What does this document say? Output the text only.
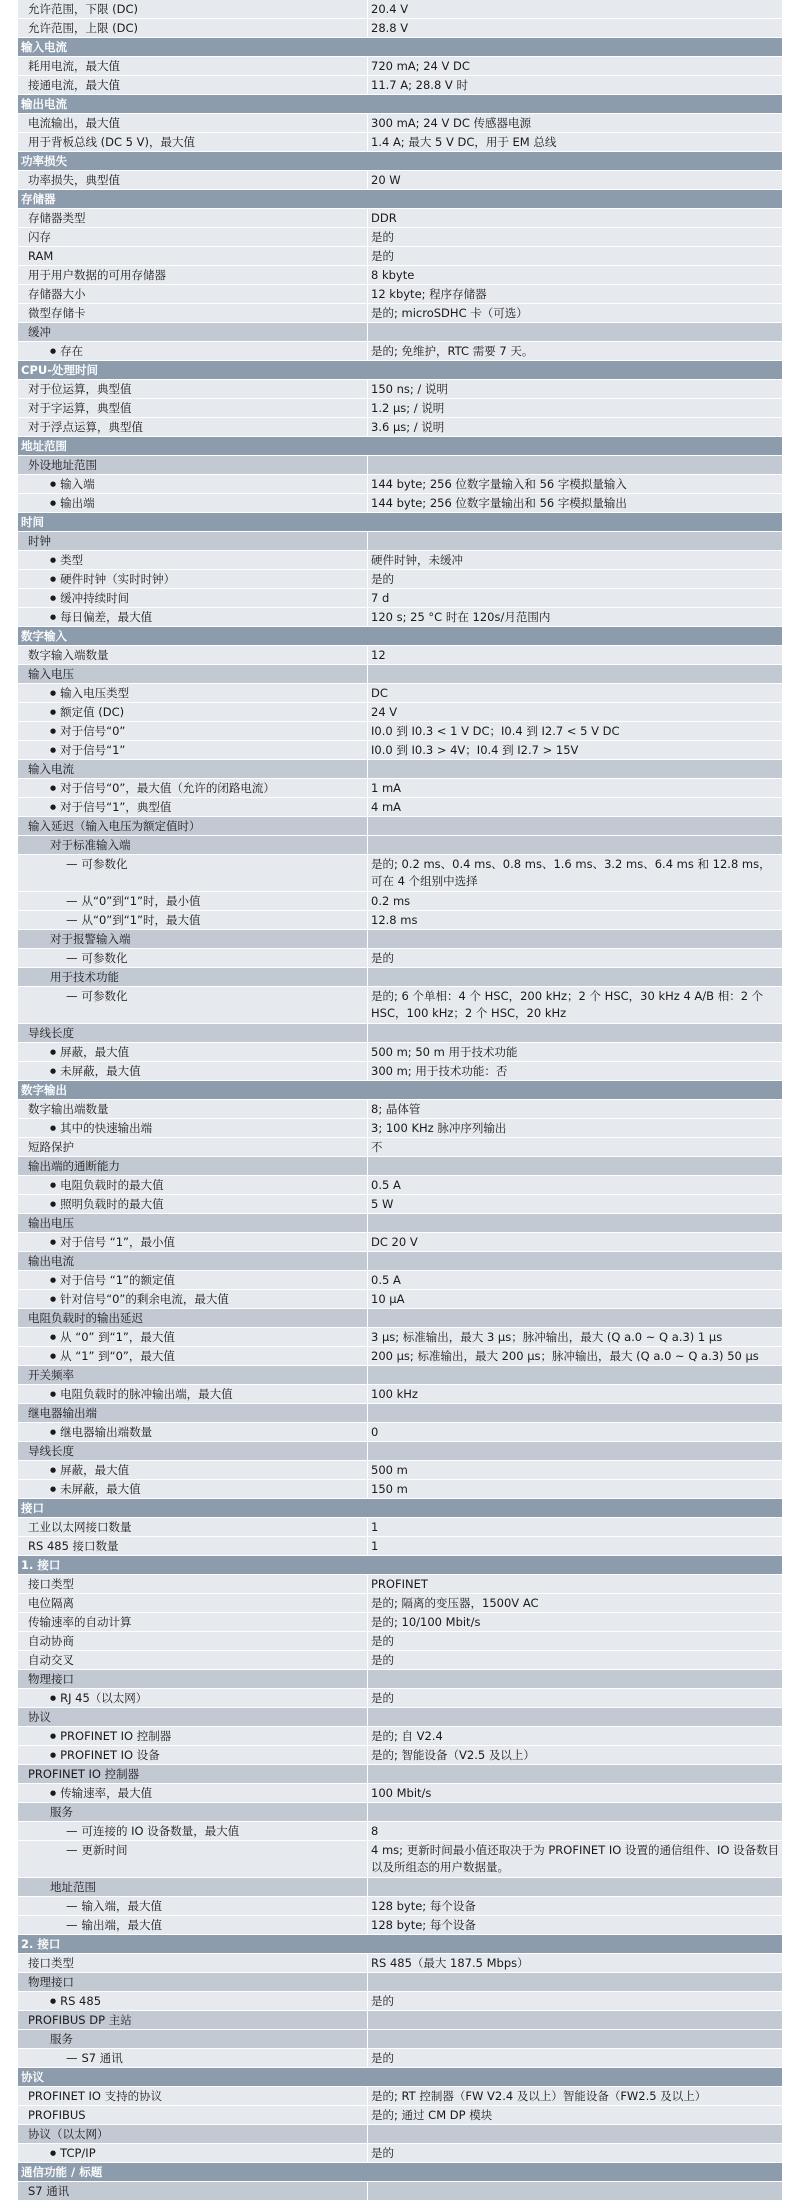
允许范围，下限 (DC)	20.4 V
允许范围，上限 (DC)	28.8 V
输入电流
耗用电流，最大值	720 mA; 24 V DC
接通电流，最大值	11.7 A; 28.8 V 时
输出电流
电流输出，最大值	300 mA; 24 V DC 传感器电源
用于背板总线 (DC 5 V)，最大值	1.4 A; 最大 5 V DC，用于 EM 总线
功率损失
功率损失，典型值	20 W
存储器
存储器类型	DDR
闪存	是的
RAM	是的
用于用户数据的可用存储器	8 kbyte
存储器大小	12 kbyte; 程序存储器
微型存储卡	是的; microSDHC 卡（可选）
缓冲
● 存在	是的; 免维护，RTC 需要 7 天。
CPU-处理时间
对于位运算，典型值	150 ns; / 说明
对于字运算，典型值	1.2 µs; / 说明
对于浮点运算，典型值	3.6 µs; / 说明
地址范围
外设地址范围
● 输入端	144 byte; 256 位数字量输入和 56 字模拟量输入
● 输出端	144 byte; 256 位数字量输出和 56 字模拟量输出
时间
时钟
● 类型	硬件时钟，未缓冲
● 硬件时钟（实时时钟）	是的
● 缓冲持续时间	7 d
● 每日偏差，最大值	120 s; 25 °C 时在 120s/月范围内
数字输入
数字输入端数量	12
输入电压
● 输入电压类型	DC
● 额定值 (DC)	24 V
● 对于信号“0”	I0.0 到 I0.3 < 1 V DC；I0.4 到 I2.7 < 5 V DC
● 对于信号“1”	I0.0 到 I0.3 > 4V；I0.4 到 I2.7 > 15V
输入电流
● 对于信号“0”，最大值（允许的闭路电流）	1 mA
● 对于信号“1”，典型值	4 mA
输入延迟（输入电压为额定值时）
对于标准输入端
— 可参数化	是的; 0.2 ms、0.4 ms、0.8 ms、1.6 ms、3.2 ms、6.4 ms 和 12.8 ms，可在 4 个组别中选择
— 从“0”到“1”时，最小值	0.2 ms
— 从“0”到“1”时，最大值	12.8 ms
对于报警输入端
— 可参数化	是的
用于技术功能
— 可参数化	是的; 6 个单相：4 个 HSC，200 kHz；2 个 HSC，30 kHz 4 A/B 相：2 个 HSC，100 kHz；2 个 HSC，20 kHz
导线长度
● 屏蔽，最大值	500 m; 50 m 用于技术功能
● 未屏蔽，最大值	300 m; 用于技术功能：否
数字输出
数字输出端数量	8; 晶体管
● 其中的快速输出端	3; 100 KHz 脉冲序列输出
短路保护	不
输出端的通断能力
● 电阻负载时的最大值	0.5 A
● 照明负载时的最大值	5 W
输出电压
● 对于信号 “1”，最小值	DC 20 V
输出电流
● 对于信号 “1”的额定值	0.5 A
● 针对信号“0”的剩余电流，最大值	10 µA
电阻负载时的输出延迟
● 从 “0” 到“1”，最大值	3 µs; 标准输出，最大 3 µs；脉冲输出，最大 (Q a.0 ~ Q a.3) 1 µs
● 从 “1” 到“0”，最大值	200 µs; 标准输出，最大 200 µs；脉冲输出，最大 (Q a.0 ~ Q a.3) 50 µs
开关频率
● 电阻负载时的脉冲输出端，最大值	100 kHz
继电器输出端
● 继电器输出端数量	0
导线长度
● 屏蔽，最大值	500 m
● 未屏蔽，最大值	150 m
接口
工业以太网接口数量	1
RS 485 接口数量	1
1. 接口
接口类型	PROFINET
电位隔离	是的; 隔离的变压器，1500V AC
传输速率的自动计算	是的; 10/100 Mbit/s
自动协商	是的
自动交叉	是的
物理接口
● RJ 45（以太网）	是的
协议
● PROFINET IO 控制器	是的; 自 V2.4
● PROFINET IO 设备	是的; 智能设备（V2.5 及以上）
PROFINET IO 控制器
● 传输速率，最大值	100 Mbit/s
服务
— 可连接的 IO 设备数量，最大值	8
— 更新时间	4 ms; 更新时间最小值还取决于为 PROFINET IO 设置的通信组件、IO 设备数目以及所组态的用户数据量。
地址范围
— 输入端，最大值	128 byte; 每个设备
— 输出端，最大值	128 byte; 每个设备
2. 接口
接口类型	RS 485（最大 187.5 Mbps）
物理接口
● RS 485	是的
PROFIBUS DP 主站
服务
— S7 通讯	是的
协议
PROFINET IO 支持的协议	是的; RT 控制器（FW V2.4 及以上）智能设备（FW2.5 及以上）
PROFIBUS	是的; 通过 CM DP 模块
协议（以太网）
● TCP/IP	是的
通信功能 / 标题
S7 通讯
